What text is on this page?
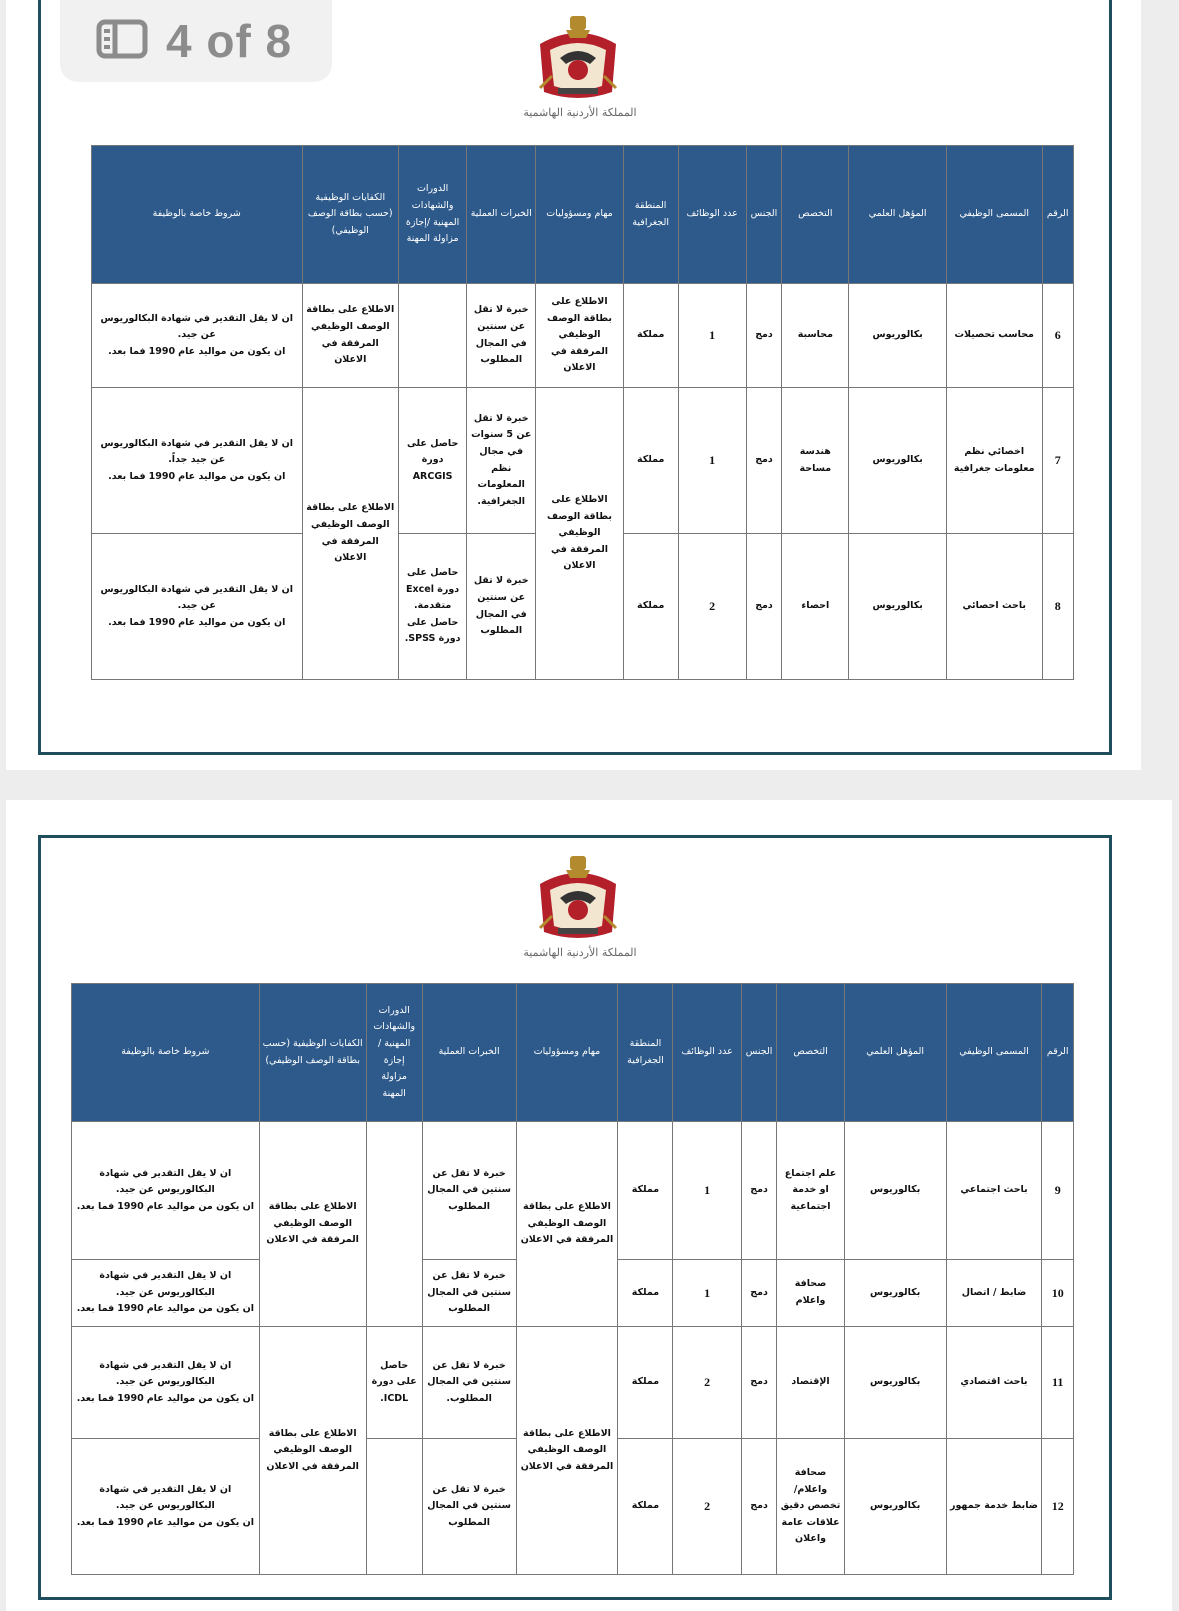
4 of 8
المملكة الأردنية الهاشمية
الرقم	المسمى الوظيفي	المؤهل العلمي	التخصص	الجنس	عدد الوظائف	المنطقة الجغرافية	مهام ومسؤوليات	الخبرات العملية	الدورات والشهادات المهنية /إجازة مزاولة المهنة	الكفايات الوظيفية (حسب بطاقة الوصف الوظيفي)	شروط خاصة بالوظيفة
6	محاسب تحصيلات	بكالوريوس	محاسبة	دمج	1	مملكة	الاطلاع على بطاقة الوصف الوظيفي المرفقة في الاعلان	خبرة لا تقل عن سنتين في المجال المطلوب		الاطلاع على بطاقة الوصف الوظيفي المرفقة في الاعلان	ان لا يقل التقدير في شهادة البكالوريوس عن جيد.
ان يكون من مواليد عام 1990 فما بعد.
7	اخصائي نظم معلومات جغرافية	بكالوريوس	هندسة مساحة	دمج	1	مملكة	الاطلاع على بطاقة الوصف الوظيفي المرفقة في الاعلان	خبرة لا تقل عن 5 سنوات في مجال نظم المعلومات الجغرافية.	حاصل على دورة ARCGIS	الاطلاع على بطاقة الوصف الوظيفي المرفقة في الاعلان	ان لا يقل التقدير في شهادة البكالوريوس عن جيد جداً.
ان يكون من مواليد عام 1990 فما بعد.
8	باحث احصائي	بكالوريوس	احصاء	دمج	2	مملكة		خبرة لا تقل عن سنتين في المجال المطلوب	حاصل على دورة Excel متقدمة. حاصل على دورة SPSS.		ان لا يقل التقدير في شهادة البكالوريوس عن جيد.
ان يكون من مواليد عام 1990 فما بعد.
المملكة الأردنية الهاشمية
الرقم	المسمى الوظيفي	المؤهل العلمي	التخصص	الجنس	عدد الوظائف	المنطقة الجغرافية	مهام ومسؤوليات	الخبرات العملية	الدورات والشهادات المهنية /إجازة مزاولة المهنة	الكفايات الوظيفية (حسب بطاقة الوصف الوظيفي)	شروط خاصة بالوظيفة
9	باحث اجتماعي	بكالوريوس	علم اجتماع او خدمة اجتماعية	دمج	1	مملكة	الاطلاع على بطاقة الوصف الوظيفي المرفقة في الاعلان	خبرة لا تقل عن سنتين في المجال المطلوب		الاطلاع على بطاقة الوصف الوظيفي المرفقة في الاعلان	ان لا يقل التقدير في شهادة البكالوريوس عن جيد.
ان يكون من مواليد عام 1990 فما بعد.
10	ضابط / اتصال	بكالوريوس	صحافة واعلام	دمج	1	مملكة		خبرة لا تقل عن سنتين في المجال المطلوب			ان لا يقل التقدير في شهادة البكالوريوس عن جيد.
ان يكون من مواليد عام 1990 فما بعد.
11	باحث اقتصادي	بكالوريوس	الإقتصاد	دمج	2	مملكة	الاطلاع على بطاقة الوصف الوظيفي المرفقة في الاعلان	خبرة لا تقل عن سنتين في المجال المطلوب.	حاصل على دورة ICDL.	الاطلاع على بطاقة الوصف الوظيفي المرفقة في الاعلان	ان لا يقل التقدير في شهادة البكالوريوس عن جيد.
ان يكون من مواليد عام 1990 فما بعد.
12	ضابط خدمة جمهور	بكالوريوس	صحافة واعلام/ تخصص دقيق علاقات عامة واعلان	دمج	2	مملكة		خبرة لا تقل عن سنتين في المجال المطلوب			ان لا يقل التقدير في شهادة البكالوريوس عن جيد.
ان يكون من مواليد عام 1990 فما بعد.
